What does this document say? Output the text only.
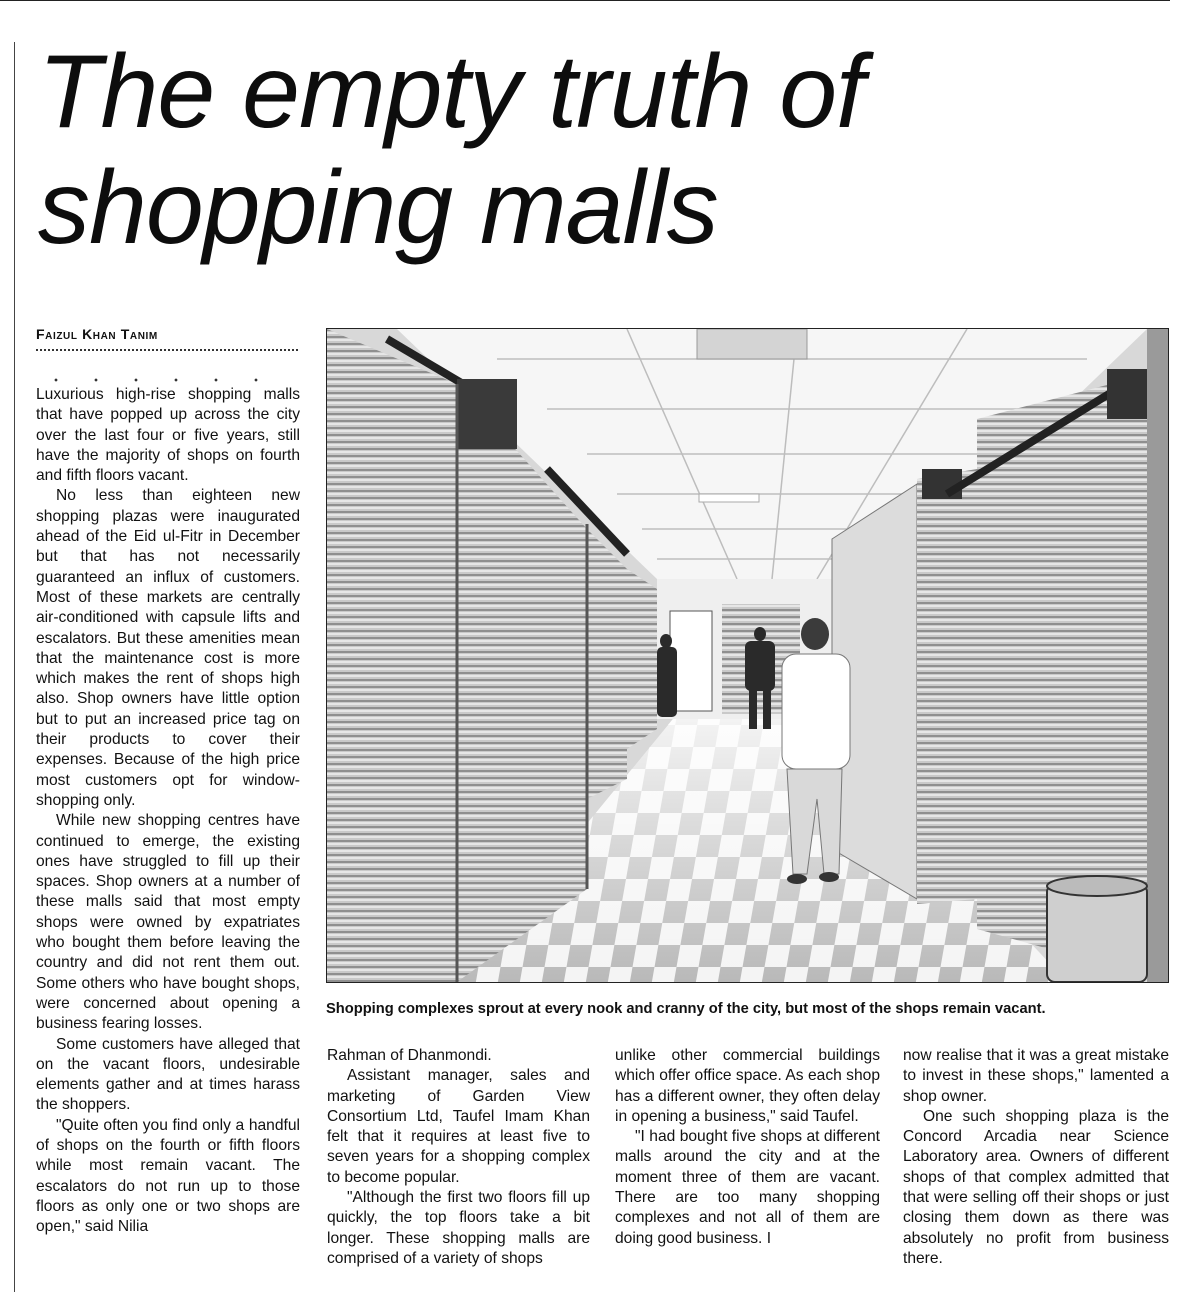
The empty truth of
shopping malls
Faizul Khan Tanim

Luxurious high-rise shopping malls that have popped up across the city over the last four or five years, still have the majority of shops on fourth and fifth floors vacant.

No less than eighteen new shopping plazas were inaugurated ahead of the Eid ul-Fitr in December but that has not necessarily guaranteed an influx of customers. Most of these markets are centrally air-conditioned with capsule lifts and escalators. But these amenities mean that the maintenance cost is more which makes the rent of shops high also. Shop owners have little option but to put an increased price tag on their products to cover their expenses. Because of the high price most customers opt for window-shopping only.

While new shopping centres have continued to emerge, the existing ones have struggled to fill up their spaces. Shop owners at a number of these malls said that most empty shops were owned by expatriates who bought them before leaving the country and did not rent them out. Some others who have bought shops, were concerned about opening a business fearing losses.

Some customers have alleged that on the vacant floors, undesirable elements gather and at times harass the shoppers.

"Quite often you find only a handful of shops on the fourth or fifth floors while most remain vacant. The escalators do not run up to those floors as only one or two shops are open," said Nilia

Shopping complexes sprout at every nook and cranny of the city, but most of the shops remain vacant.

Rahman of Dhanmondi.

Assistant manager, sales and marketing of Garden View Consortium Ltd, Taufel Imam Khan felt that it requires at least five to seven years for a shopping complex to become popular.

"Although the first two floors fill up quickly, the top floors take a bit longer. These shopping malls are comprised of a variety of shops

unlike other commercial buildings which offer office space. As each shop has a different owner, they often delay in opening a business," said Taufel.

"I had bought five shops at different malls around the city and at the moment three of them are vacant. There are too many shopping complexes and not all of them are doing good business. I

now realise that it was a great mistake to invest in these shops," lamented a shop owner.

One such shopping plaza is the Concord Arcadia near Science Laboratory area. Owners of different shops of that complex admitted that that were selling off their shops or just closing them down as there was absolutely no profit from business there.
